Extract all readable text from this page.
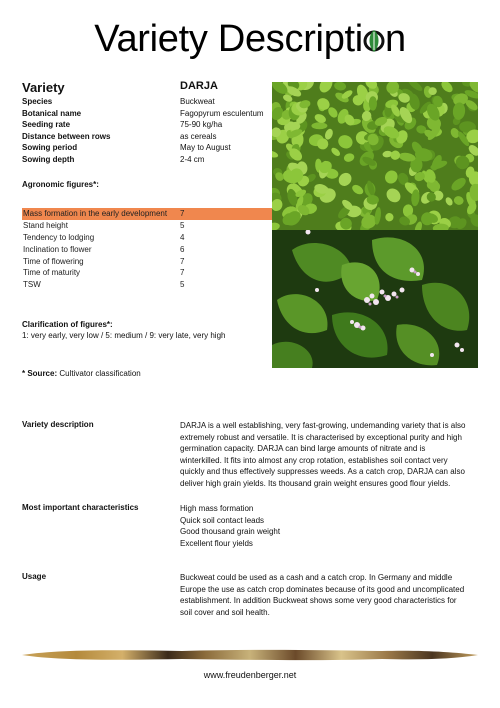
Variety Descripti n
Variety	DARJA
Species	Buckweat
Botanical name	Fagopyrum esculentum
Seeding rate	75-90 kg/ha
Distance between rows	as cereals
Sowing period	May to August
Sowing depth	2-4 cm
Agronomic figures*:
Mass formation in the early development 7
Stand height	5
Tendency to lodging	4
Inclination to flower	6
Time of flowering	7
Time of maturity	7
TSW	5
Clarification of figures*:
1: very early, very low / 5: medium / 9: very late, very high
* Source: Cultivator classification
Variety description	DARJA is a well establishing, very fast-growing, undemanding variety that is also
extremely robust and versatile. It is characterised by exceptional purity and high
germination capacity. DARJA can bind large amounts of nitrate and is
winterkilled. It fits into almost any crop rotation, establishes soil contact very
quickly and thus effectively suppresses weeds. As a catch crop, DARJA can also
deliver high grain yields. Its thousand grain weight ensures good flour yields.
Most important characteristics	High mass formation
Quick soil contact leads
Good thousand grain weight
Excellent flour yields
Usage	Buckweat could be used as a cash and a catch crop. In Germany and middle
Europe the use as catch crop dominates because of its good and uncomplicated
establishment. In addition Buckweat shows some very good characteristics for
soil cover and soil health.
www.freudenberger.net
